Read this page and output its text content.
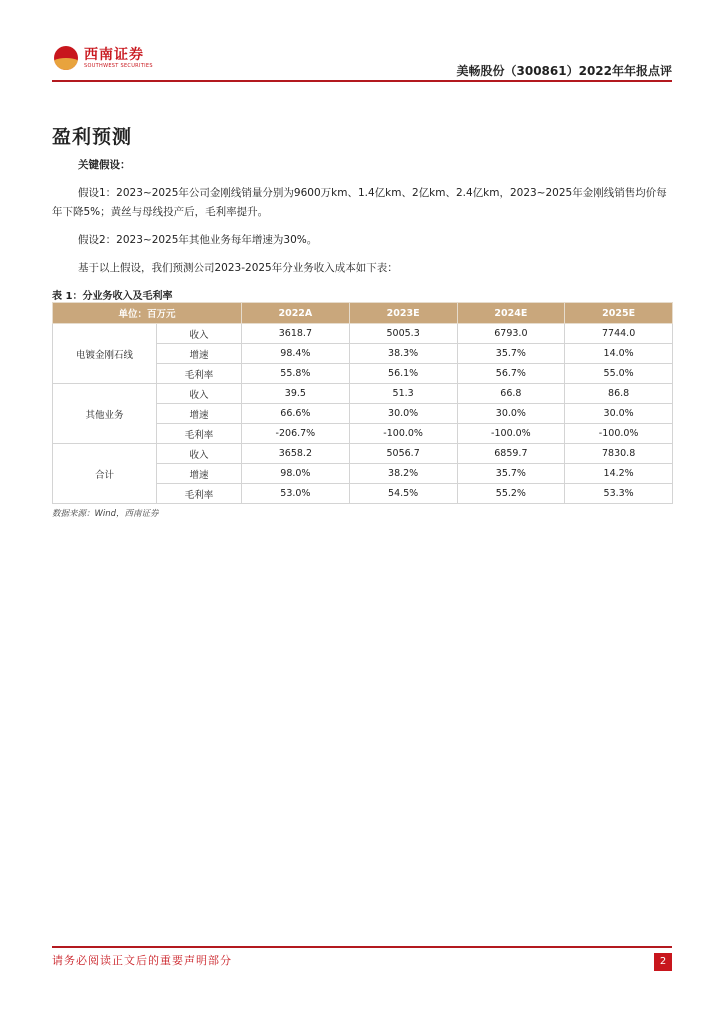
西南证券
SOUTHWEST SECURITIES	美畅股份（300861）2022年年报点评
盈利预测
关键假设：
假设1：2023~2025年公司金刚线销量分别为9600万km、1.4亿km、2亿km、2.4亿km，2023~2025年金刚线销售均价每年下降5%；黄丝与母线投产后，毛利率提升。
假设2：2023~2025年其他业务每年增速为30%。
基于以上假设，我们预测公司2023-2025年分业务收入成本如下表：
表 1：分业务收入及毛利率
单位：百万元		2022A	2023E	2024E	2025E
电镀金刚石线	收入	3618.7	5005.3	6793.0	7744.0
	增速	98.4%	38.3%	35.7%	14.0%
	毛利率	55.8%	56.1%	56.7%	55.0%
其他业务	收入	39.5	51.3	66.8	86.8
	增速	66.6%	30.0%	30.0%	30.0%
	毛利率	-206.7%	-100.0%	-100.0%	-100.0%
合计	收入	3658.2	5056.7	6859.7	7830.8
	增速	98.0%	38.2%	35.7%	14.2%
	毛利率	53.0%	54.5%	55.2%	53.3%
数据来源：Wind，西南证券
请务必阅读正文后的重要声明部分	2
